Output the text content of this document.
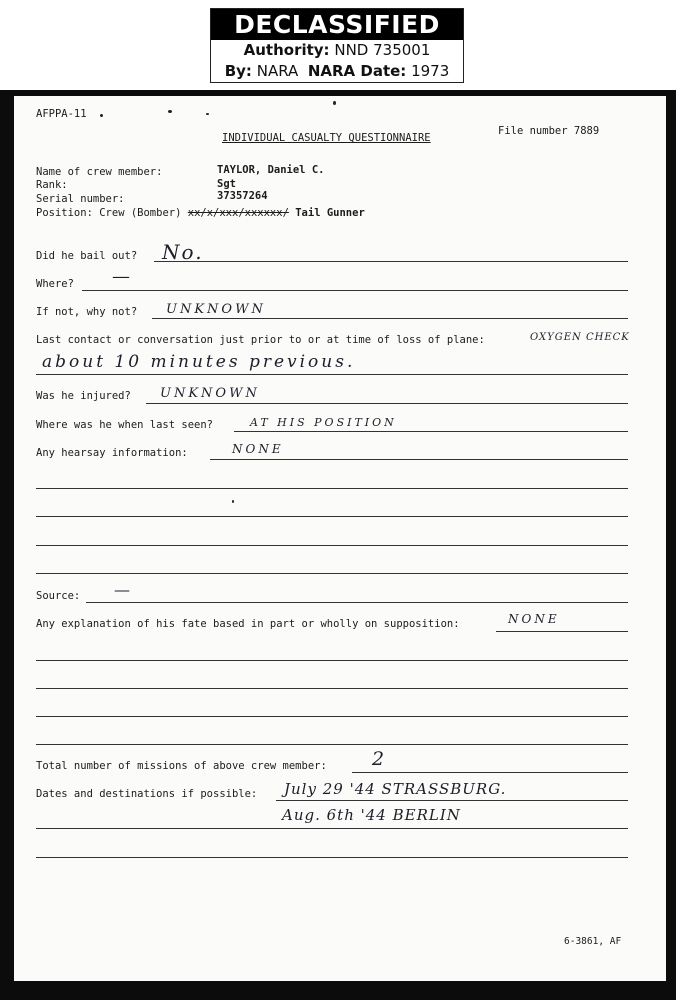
DECLASSIFIED
Authority: NND 735001
By: NARA NARA Date: 1973
AFPPA-11
INDIVIDUAL CASUALTY QUESTIONNAIRE
File number 7889
Name of crew member:	TAYLOR, Daniel C.
Rank:	Sgt
Serial number:	37357264
Position: Crew (Bomber) xx/x/xxx/xxxxxx/ Tail Gunner
Did he bail out? No.
Where? —
If not, why not? UNKNOWN
Last contact or conversation just prior to or at time of loss of plane:	OXYGEN CHECK
about 10 minutes previous.
Was he injured? UNKNOWN
Where was he when last seen?	AT HIS POSITION
Any hearsay information:	NONE
Source: —
Any explanation of his fate based in part or wholly on supposition:	NONE
Total number of missions of above crew member: 2
Dates and destinations if possible: July 29 '44 STRASSBURG.
Aug. 6th '44 BERLIN
6-3861, AF
